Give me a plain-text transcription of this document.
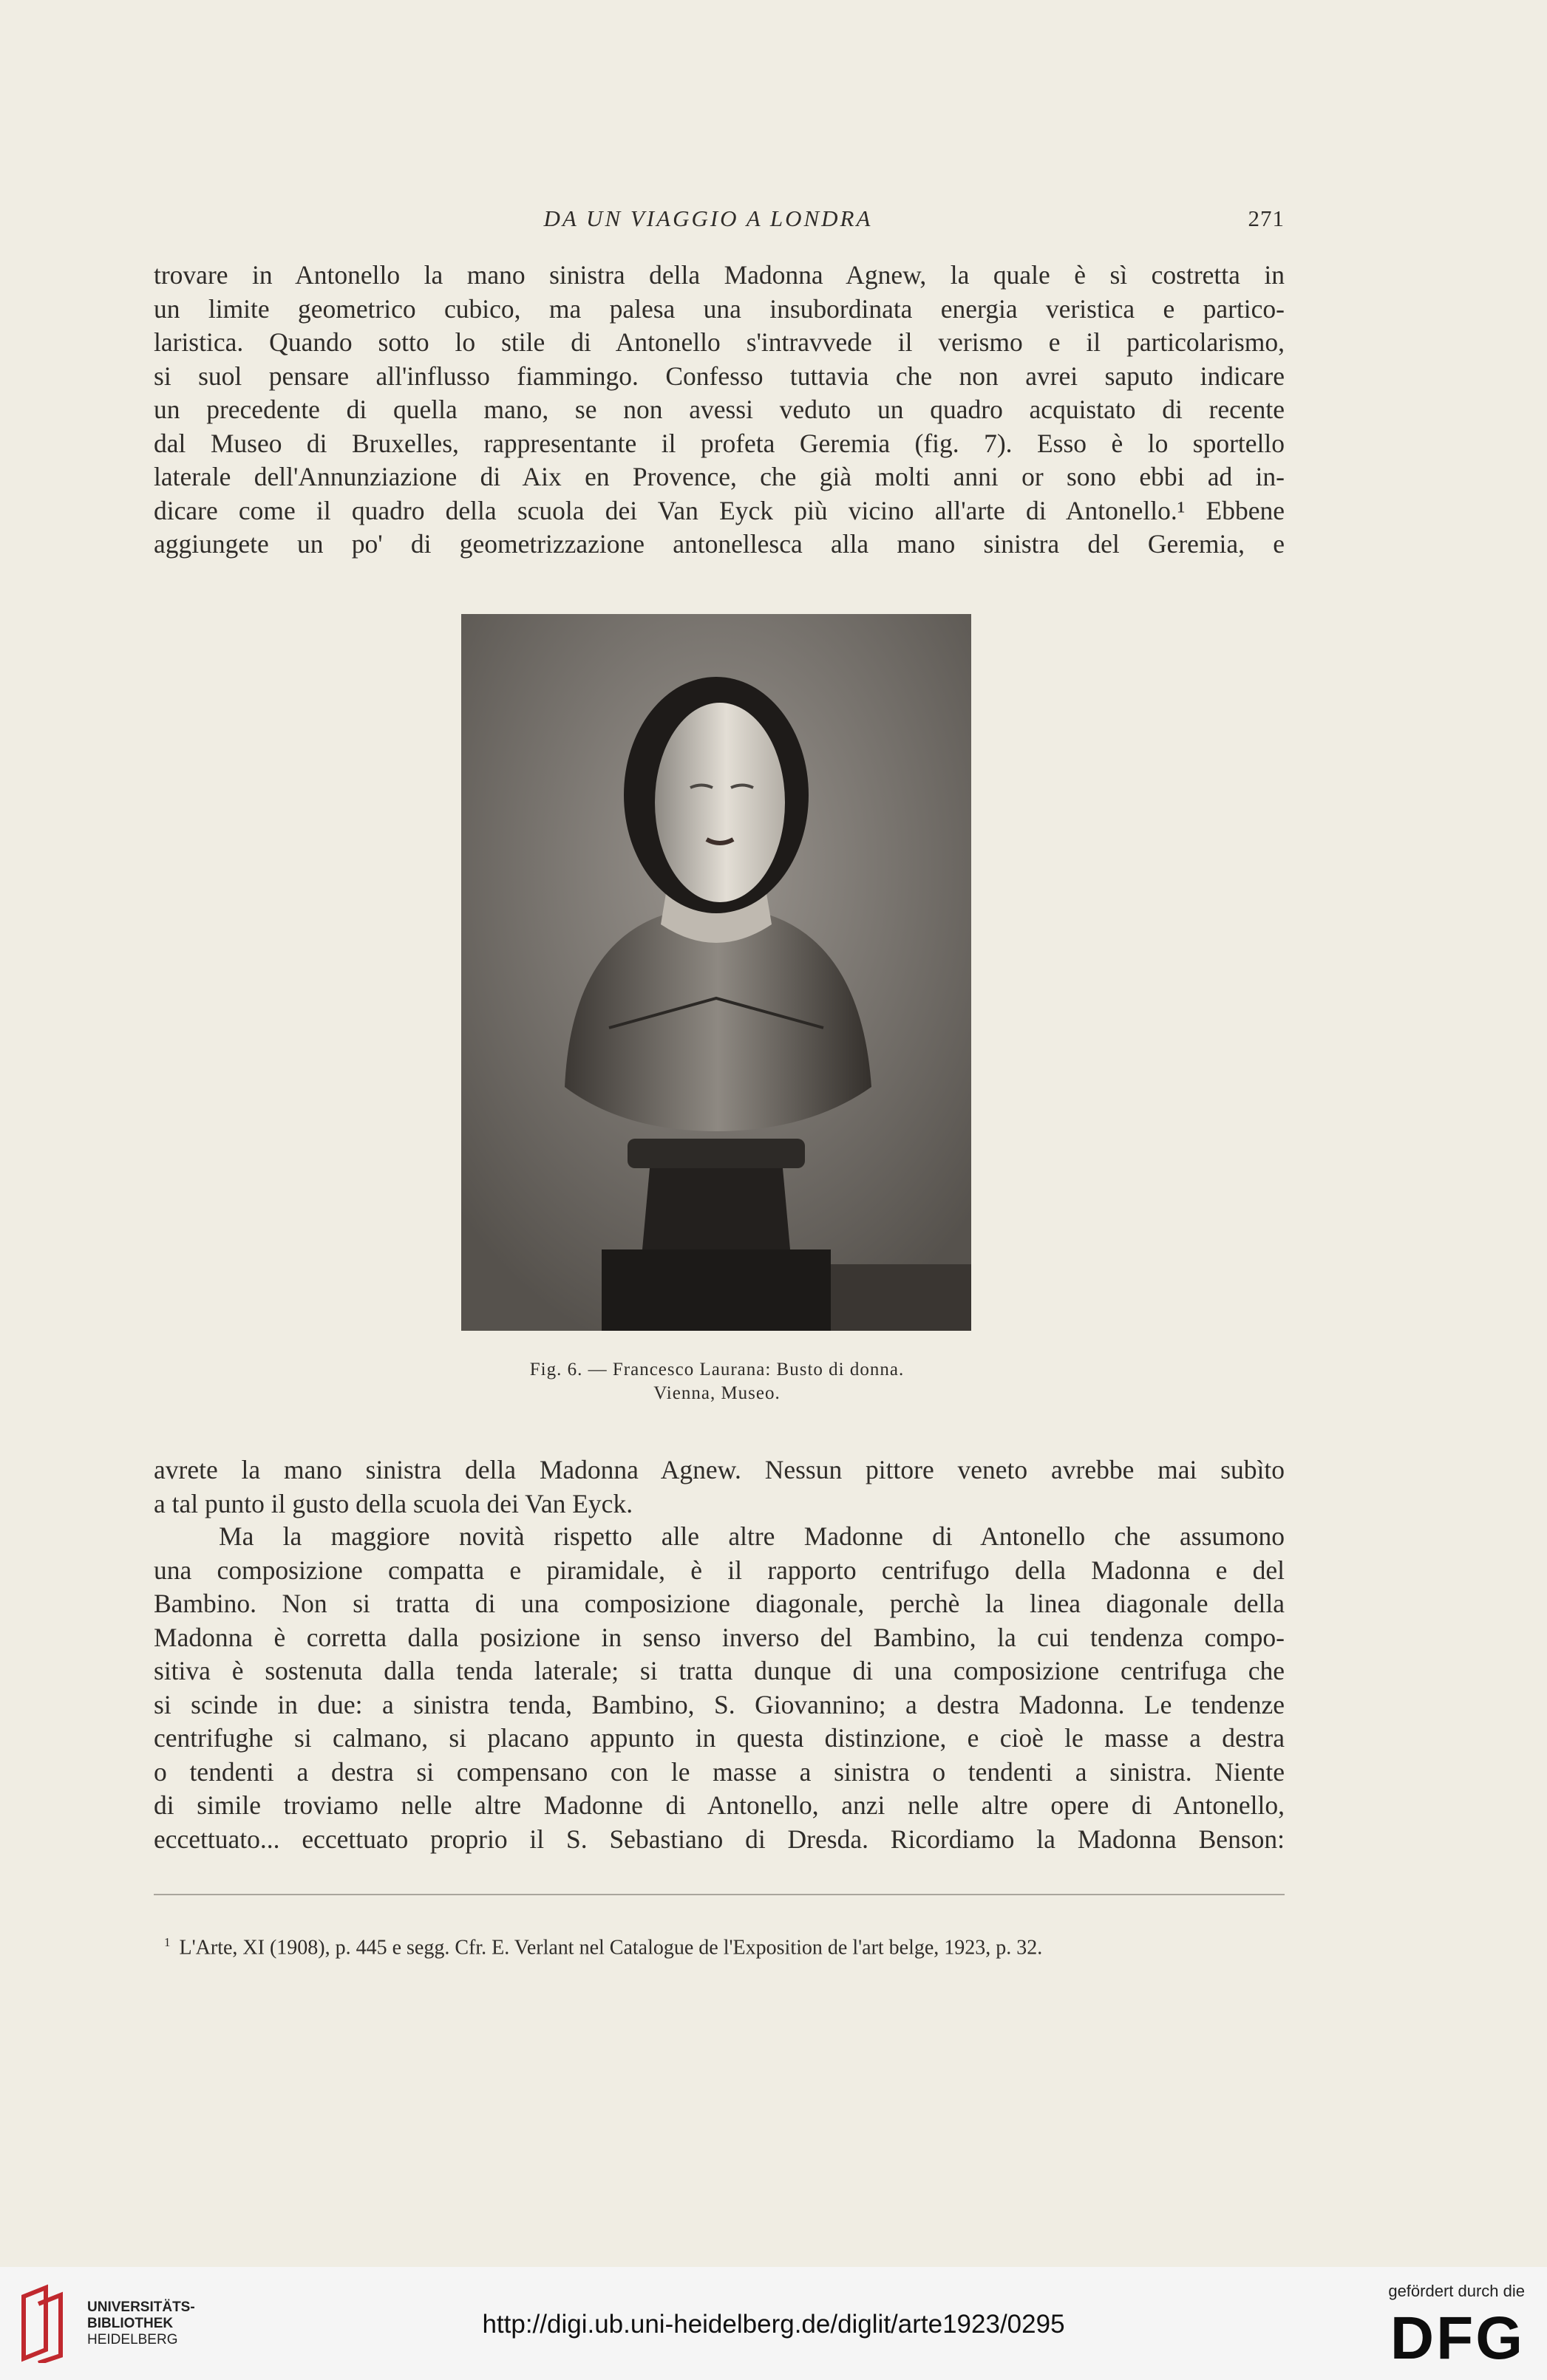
DA UN VIAGGIO A LONDRA	271
trovare in Antonello la mano sinistra della Madonna Agnew, la quale è sì costretta in
un limite geometrico cubico, ma palesa una insubordinata energia veristica e partico-
laristica. Quando sotto lo stile di Antonello s'intravvede il verismo e il particolarismo,
si suol pensare all'influsso fiammingo. Confesso tuttavia che non avrei saputo indicare
un precedente di quella mano, se non avessi veduto un quadro acquistato di recente
dal Museo di Bruxelles, rappresentante il profeta Geremia (fig. 7). Esso è lo sportello
laterale dell'Annunziazione di Aix en Provence, che già molti anni or sono ebbi ad in-
dicare come il quadro della scuola dei Van Eyck più vicino all'arte di Antonello.¹ Ebbene
aggiungete un po' di geometrizzazione antonellesca alla mano sinistra del Geremia, e
Fig. 6. — Francesco Laurana: Busto di donna.
Vienna, Museo.
avrete la mano sinistra della Madonna Agnew. Nessun pittore veneto avrebbe mai subìto
a tal punto il gusto della scuola dei Van Eyck.
Ma la maggiore novità rispetto alle altre Madonne di Antonello che assumono
una composizione compatta e piramidale, è il rapporto centrifugo della Madonna e del
Bambino. Non si tratta di una composizione diagonale, perchè la linea diagonale della
Madonna è corretta dalla posizione in senso inverso del Bambino, la cui tendenza compo-
sitiva è sostenuta dalla tenda laterale; si tratta dunque di una composizione centrifuga che
si scinde in due: a sinistra tenda, Bambino, S. Giovannino; a destra Madonna. Le tendenze
centrifughe si calmano, si placano appunto in questa distinzione, e cioè le masse a destra
o tendenti a destra si compensano con le masse a sinistra o tendenti a sinistra. Niente
di simile troviamo nelle altre Madonne di Antonello, anzi nelle altre opere di Antonello,
eccettuato... eccettuato proprio il S. Sebastiano di Dresda. Ricordiamo la Madonna Benson:
$^1$ L'Arte, XI (1908), p. 445 e segg. Cfr. E. Verlant nel Catalogue de l'Exposition de l'art belge, 1923, p. 32.
UNIVERSITÄTS-
BIBLIOTHEK
HEIDELBERG
http://digi.ub.uni-heidelberg.de/diglit/arte1923/0295
gefördert durch die
DFG
